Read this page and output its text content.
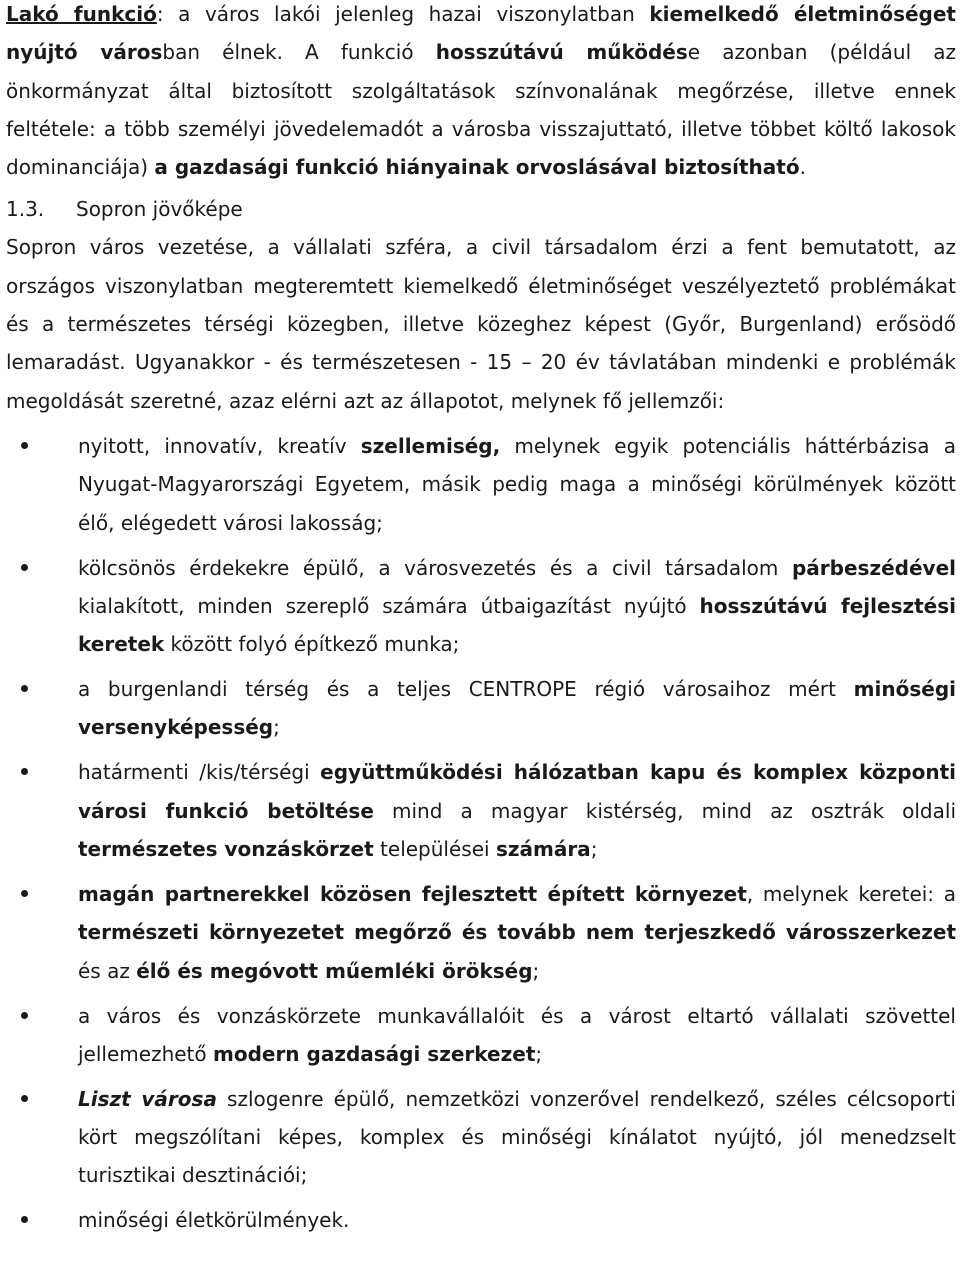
Lakó funkció: a város lakói jelenleg hazai viszonylatban kiemelkedő életminőséget nyújtó városban élnek. A funkció hosszútávú működése azonban (például az önkormányzat által biztosított szolgáltatások színvonalának megőrzése, illetve ennek feltétele: a több személyi jövedelemadót a városba visszajuttató, illetve többet költő lakosok dominanciája) a gazdasági funkció hiányainak orvoslásával biztosítható.

1.3. Sopron jövőképe

Sopron város vezetése, a vállalati szféra, a civil társadalom érzi a fent bemutatott, az országos viszonylatban megteremtett kiemelkedő életminőséget veszélyeztető problémákat és a természetes térségi közegben, illetve közeghez képest (Győr, Burgenland) erősödő lemaradást. Ugyanakkor - és természetesen - 15 – 20 év távlatában mindenki e problémák megoldását szeretné, azaz elérni azt az állapotot, melynek fő jellemzői:

nyitott, innovatív, kreatív szellemiség, melynek egyik potenciális háttérbázisa a Nyugat-Magyarországi Egyetem, másik pedig maga a minőségi körülmények között élő, elégedett városi lakosság;
kölcsönös érdekekre épülő, a városvezetés és a civil társadalom párbeszédével kialakított, minden szereplő számára útbaigazítást nyújtó hosszútávú fejlesztési keretek között folyó építkező munka;
a burgenlandi térség és a teljes CENTROPE régió városaihoz mért minőségi versenyképesség;
határmenti /kis/térségi együttműködési hálózatban kapu és komplex központi városi funkció betöltése mind a magyar kistérség, mind az osztrák oldali természetes vonzáskörzet települései számára;
magán partnerekkel közösen fejlesztett épített környezet, melynek keretei: a természeti környezetet megőrző és tovább nem terjeszkedő városszerkezet és az élő és megóvott műemléki örökség;
a város és vonzáskörzete munkavállalóit és a várost eltartó vállalati szövettel jellemezhető modern gazdasági szerkezet;
Liszt városa szlogenre épülő, nemzetközi vonzerővel rendelkező, széles célcsoporti kört megszólítani képes, komplex és minőségi kínálatot nyújtó, jól menedzselt turisztikai desztinációi;
minőségi életkörülmények.
